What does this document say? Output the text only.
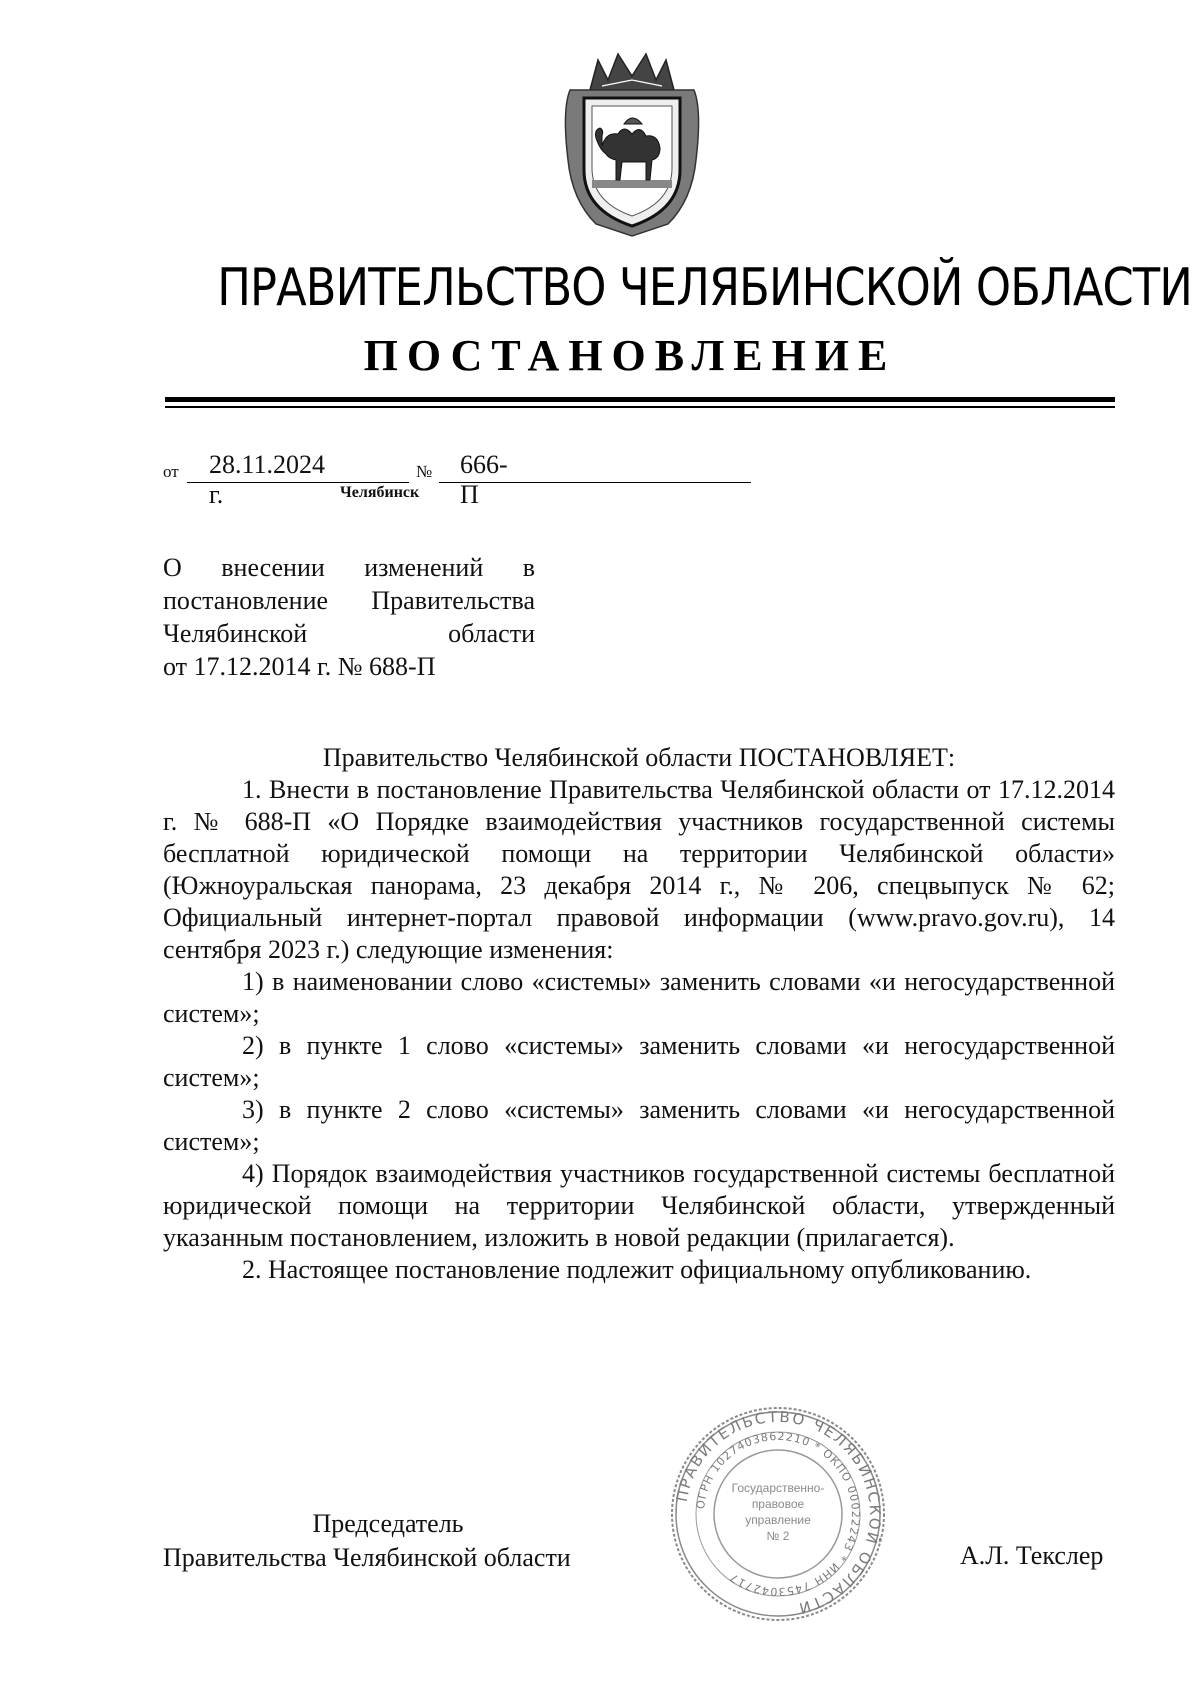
ПРАВИТЕЛЬСТВО ЧЕЛЯБИНСКОЙ ОБЛАСТИ
ПОСТАНОВЛЕНИЕ
от 28.11.2024 г.
№ 666-П
Челябинск
О внесении изменений в
постановление Правительства
Челябинской области
от 17.12.2014 г. № 688-П

Правительство Челябинской области ПОСТАНОВЛЯЕТ:

1. Внести в постановление Правительства Челябинской области от 17.12.2014 г. № 688-П «О Порядке взаимодействия участников государственной системы бесплатной юридической помощи на территории Челябинской области» (Южноуральская панорама, 23 декабря 2014 г., № 206, спецвыпуск № 62; Официальный интернет-портал правовой информации (www.pravo.gov.ru), 14 сентября 2023 г.) следующие изменения:

1) в наименовании слово «системы» заменить словами «и негосударственной систем»;

2) в пункте 1 слово «системы» заменить словами «и негосударственной систем»;

3) в пункте 2 слово «системы» заменить словами «и негосударственной систем»;

4) Порядок взаимодействия участников государственной системы бесплатной юридической помощи на территории Челябинской области, утвержденный указанным постановлением, изложить в новой редакции (прилагается).

2. Настоящее постановление подлежит официальному опубликованию.

ПРАВИТЕЛЬСТВО ЧЕЛЯБИНСКОЙ ОБЛАСТИ
ОГРН 1027403862210 * ОКПО 00022243 * ИНН 7453042717
Государственно-
правовое
управление
№ 2
Председатель
Правительства Челябинской области	А.Л. Текслер
